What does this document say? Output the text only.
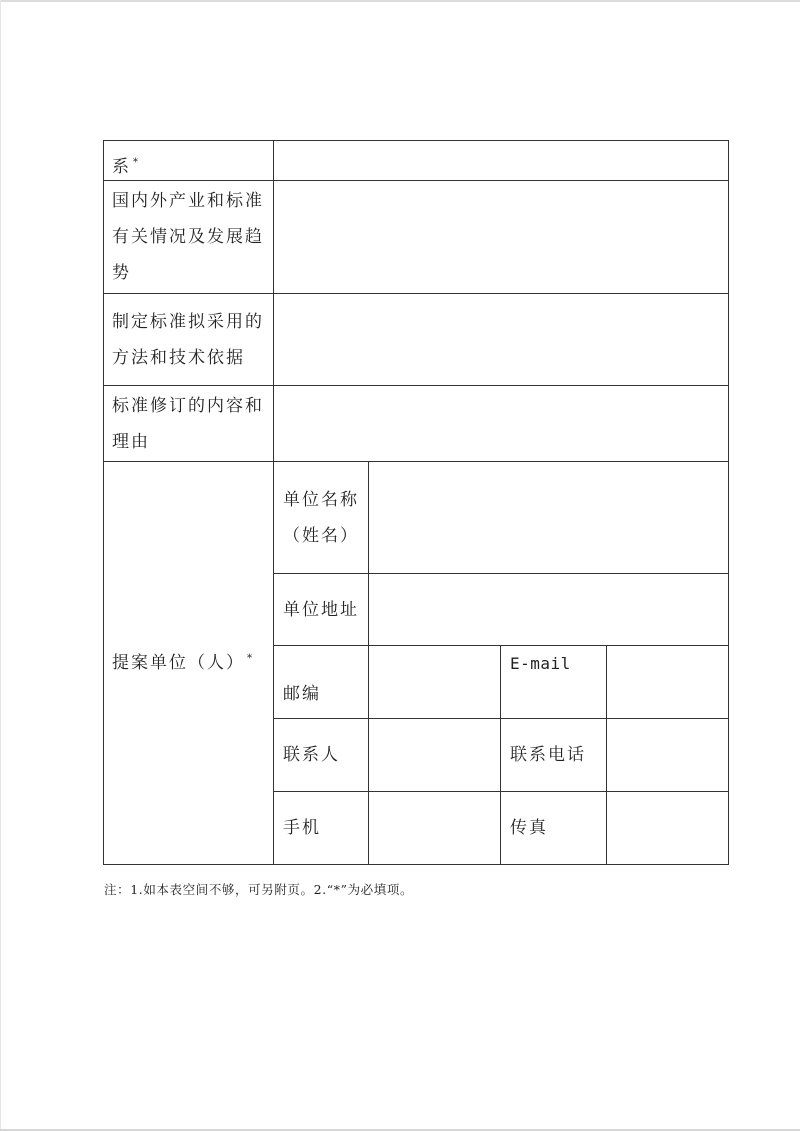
系 *	

国内外产业和标准
有关情况及发展趋
势				

制定标准拟采用的
方法和技术依据				

标准修订的内容和
理由				

提案单位（人） *	单位名称
（姓名）			

	单位地址			
	邮编		E-mail	
	联系人		联系电话	
	手机		传真	
注：1.如本表空间不够，可另附页。2.“*”为必填项。
